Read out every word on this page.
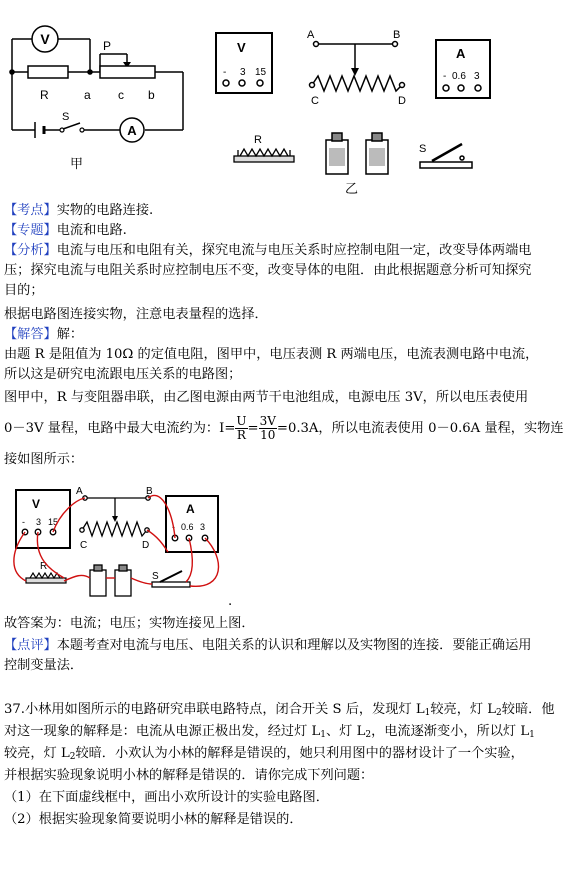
V
A
R	a c b
P
S
甲
V
- 3 15
A	B
C	D
A
- 0.6 3
R
S
乙
【考点】实物的电路连接.
【专题】电流和电路.
【分析】电流与电压和电阻有关，探究电流与电压关系时应控制电阻一定，改变导体两端电
压；探究电流与电阻关系时应控制电压不变，改变导体的电阻．由此根据题意分析可知探究
目的；
根据电路图连接实物，注意电表量程的选择．
【解答】解：
由题 R 是阻值为 10Ω 的定值电阻，图甲中，电压表测 R 两端电压，电流表测电路中电流，
所以这是研究电流跟电压关系的电路图；
图甲中，R 与变阻器串联，由乙图电源由两节干电池组成，电源电压 3V，所以电压表使用
0－3V 量程，电路中最大电流约为：$I= \frac{U}{R} = \frac{3V}{10} =0.3A$，所以电流表使用 0－0.6A 量程，实物连
接如图所示：
V
- 3 15
A	B
C	D
A
- 0.6 3
R
S
.
故答案为：电流；电压；实物连接见上图．
【点评】本题考查对电流与电压、电阻关系的认识和理解以及实物图的连接．要能正确运用
控制变量法．
37.小林用如图所示的电路研究串联电路特点，闭合开关 S 后，发现灯 $L_1$较亮，灯 $L_2$较暗．他
对这一现象的解释是：电流从电源正极出发，经过灯 $L_1$、灯 $L_2$，电流逐渐变小，所以灯 $L_1$
较亮，灯 $L_2$较暗．小欢认为小林的解释是错误的，她只利用图中的器材设计了一个实验，
并根据实验现象说明小林的解释是错误的．请你完成下列问题：
（1）在下面虚线框中，画出小欢所设计的实验电路图．
（2）根据实验现象简要说明小林的解释是错误的．
